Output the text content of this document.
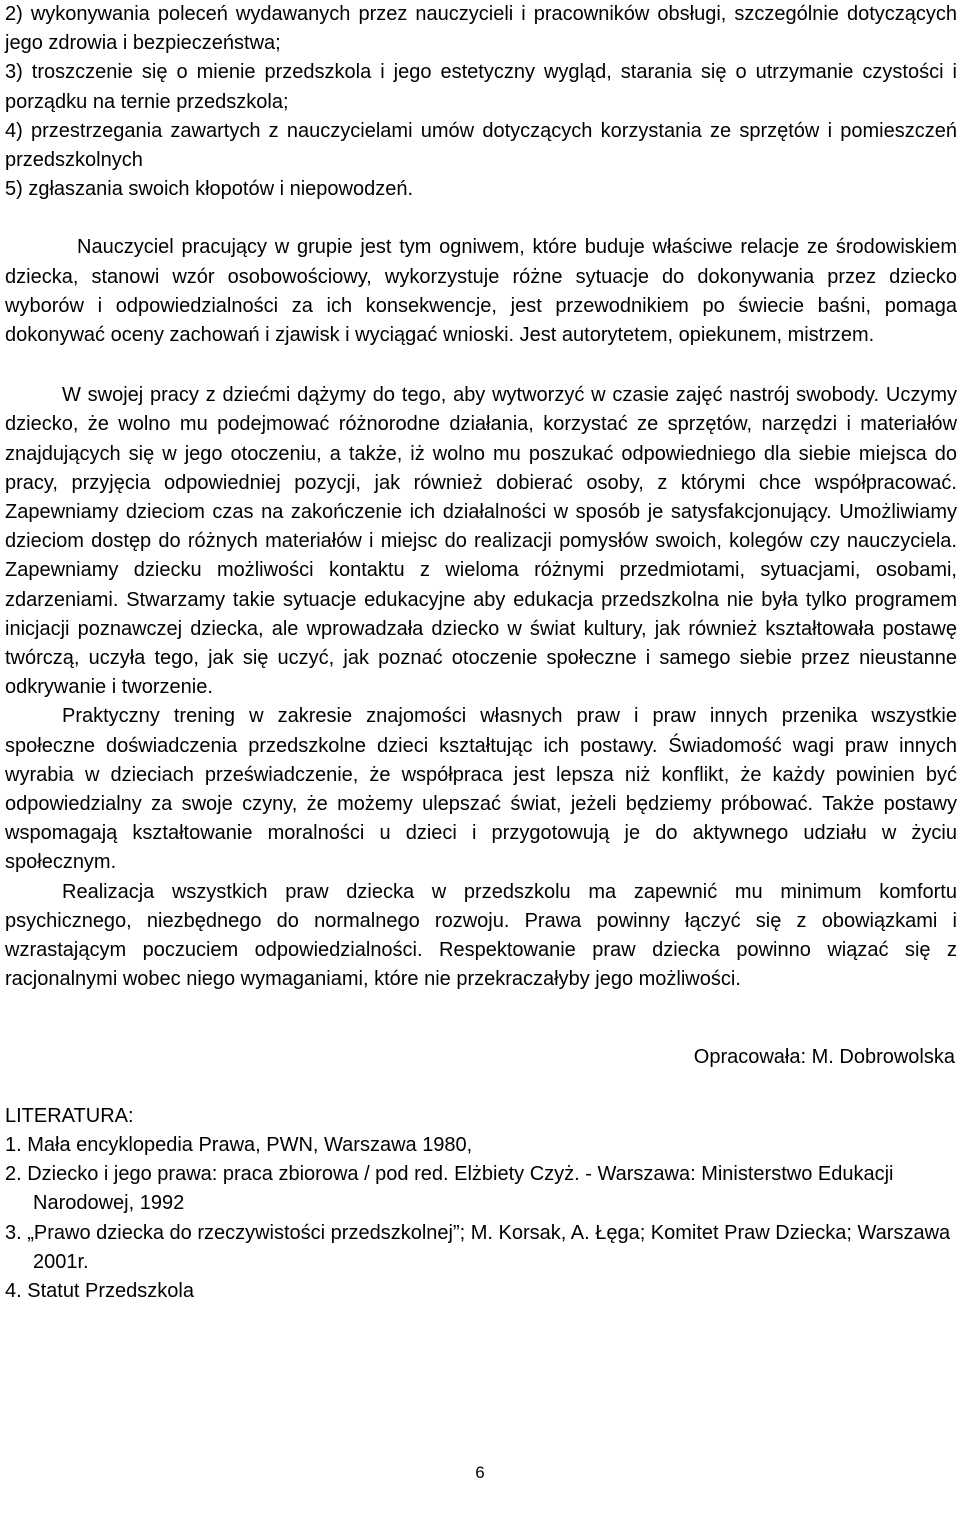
2) wykonywania poleceń wydawanych przez nauczycieli i pracowników obsługi, szczególnie dotyczących jego zdrowia i bezpieczeństwa;

3) troszczenie się o mienie przedszkola i jego estetyczny wygląd, starania się o utrzymanie czystości i porządku na ternie przedszkola;

4) przestrzegania zawartych z nauczycielami umów dotyczących korzystania ze sprzętów i pomieszczeń przedszkolnych

5) zgłaszania swoich kłopotów i niepowodzeń.

Nauczyciel pracujący w grupie jest tym ogniwem, które buduje właściwe relacje ze środowiskiem dziecka, stanowi wzór osobowościowy, wykorzystuje różne sytuacje do dokonywania przez dziecko wyborów i odpowiedzialności za ich konsekwencje, jest przewodnikiem po świecie baśni, pomaga dokonywać oceny zachowań i zjawisk i wyciągać wnioski. Jest autorytetem, opiekunem, mistrzem.

W swojej pracy z dziećmi dążymy do tego, aby wytworzyć w czasie zajęć nastrój swobody. Uczymy dziecko, że wolno mu podejmować różnorodne działania, korzystać ze sprzętów, narzędzi i materiałów znajdujących się w jego otoczeniu, a także, iż wolno mu poszukać odpowiedniego dla siebie miejsca do pracy, przyjęcia odpowiedniej pozycji, jak również dobierać osoby, z którymi chce współpracować. Zapewniamy dzieciom czas na zakończenie ich działalności w sposób je satysfakcjonujący. Umożliwiamy dzieciom dostęp do różnych materiałów i miejsc do realizacji pomysłów swoich, kolegów czy nauczyciela. Zapewniamy dziecku możliwości kontaktu z wieloma różnymi przedmiotami, sytuacjami, osobami, zdarzeniami. Stwarzamy takie sytuacje edukacyjne aby edukacja przedszkolna nie była tylko programem inicjacji poznawczej dziecka, ale wprowadzała dziecko w świat kultury, jak również kształtowała postawę twórczą, uczyła tego, jak się uczyć, jak poznać otoczenie społeczne i samego siebie przez nieustanne odkrywanie i tworzenie.

Praktyczny trening w zakresie znajomości własnych praw i praw innych przenika wszystkie społeczne doświadczenia przedszkolne dzieci kształtując ich postawy. Świadomość wagi praw innych wyrabia w dzieciach przeświadczenie, że współpraca jest lepsza niż konflikt, że każdy powinien być odpowiedzialny za swoje czyny, że możemy ulepszać świat, jeżeli będziemy próbować. Także postawy wspomagają kształtowanie moralności u dzieci i przygotowują je do aktywnego udziału w życiu społecznym.

Realizacja wszystkich praw dziecka w przedszkolu ma zapewnić mu minimum komfortu psychicznego, niezbędnego do normalnego rozwoju. Prawa powinny łączyć się z obowiązkami i wzrastającym poczuciem odpowiedzialności. Respektowanie praw dziecka powinno wiązać się z racjonalnymi wobec niego wymaganiami, które nie przekraczałyby jego możliwości.

Opracowała: M. Dobrowolska

LITERATURA:

1. Mała encyklopedia Prawa, PWN, Warszawa 1980,

2. Dziecko i jego prawa: praca zbiorowa / pod red. Elżbiety Czyż. - Warszawa: Ministerstwo Edukacji Narodowej, 1992

3. „Prawo dziecka do rzeczywistości przedszkolnej”; M. Korsak, A. Łęga; Komitet Praw Dziecka; Warszawa 2001r.

4. Statut Przedszkola

6
